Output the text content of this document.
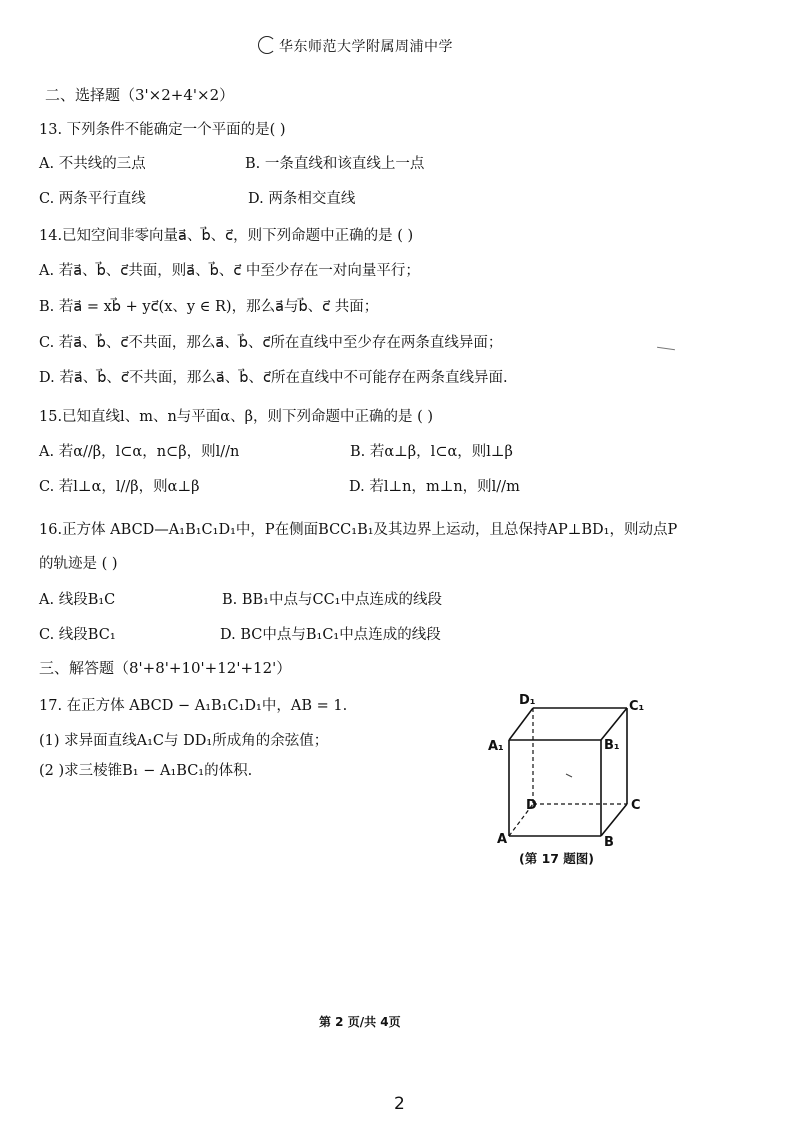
华东师范大学附属周浦中学
二、选择题（3'×2+4'×2）
13. 下列条件不能确定一个平面的是( )
A. 不共线的三点	B. 一条直线和该直线上一点
C. 两条平行直线	D. 两条相交直线
14.已知空间非零向量a⃗、b⃗、c⃗，则下列命题中正确的是 ( )
A. 若a⃗、b⃗、c⃗共面，则a⃗、b⃗、c⃗ 中至少存在一对向量平行；
B. 若a⃗ = xb⃗ + yc⃗(x、y ∈ R)，那么a⃗与b⃗、c⃗ 共面；
C. 若a⃗、b⃗、c⃗不共面，那么a⃗、b⃗、c⃗所在直线中至少存在两条直线异面；
D. 若a⃗、b⃗、c⃗不共面，那么a⃗、b⃗、c⃗所在直线中不可能存在两条直线异面.
15.已知直线l、m、n与平面α、β，则下列命题中正确的是 ( )
A. 若α//β，l⊂α，n⊂β，则l//n	B. 若α⊥β，l⊂α，则l⊥β
C. 若l⊥α，l//β，则α⊥β	D. 若l⊥n，m⊥n，则l//m
16.正方体 ABCD—A₁B₁C₁D₁中，P在侧面BCC₁B₁及其边界上运动，且总保持AP⊥BD₁，则动点P
的轨迹是 ( )
A. 线段B₁C	B. BB₁中点与CC₁中点连成的线段
C. 线段BC₁	D. BC中点与B₁C₁中点连成的线段
三、解答题（8'+8'+10'+12'+12'）
17. 在正方体 ABCD − A₁B₁C₁D₁中，AB = 1.
(1) 求异面直线A₁C与 DD₁所成角的余弦值；
(2 )求三棱锥B₁ − A₁BC₁的体积.
D₁	C₁
A₁	B₁
D	C
A	B
(第 17 题图)
第 2 页/共 4页
2
